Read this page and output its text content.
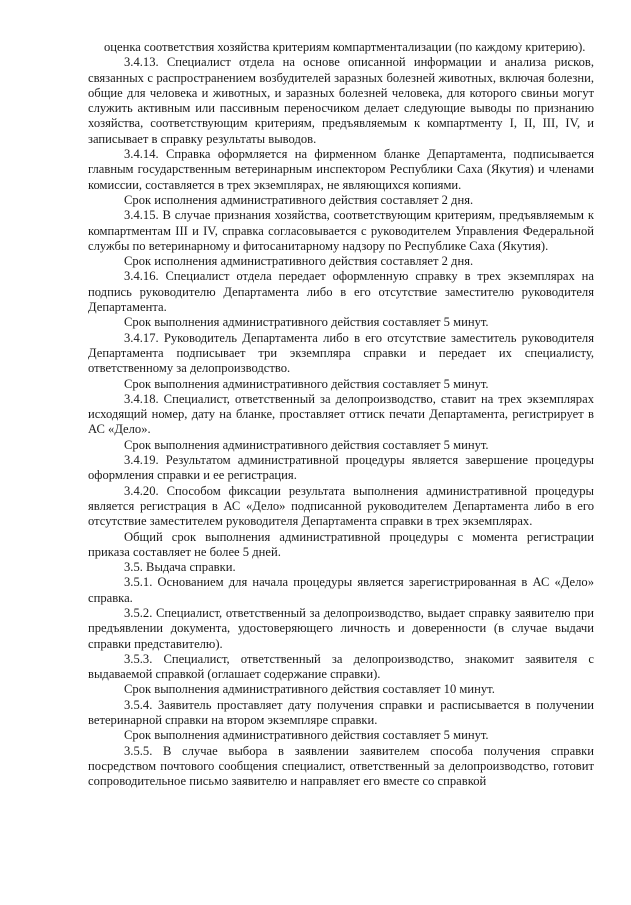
оценка соответствия хозяйства критериям компартментализации (по каждому критерию).

3.4.13. Специалист отдела на основе описанной информации и анализа рисков, связанных с распространением возбудителей заразных болезней животных, включая болезни, общие для человека и животных, и заразных болезней человека, для которого свиньи могут служить активным или пассивным переносчиком делает следующие выводы по признанию хозяйства, соответствующим критериям, предъявляемым к компартменту I, II, III, IV, и записывает в справку результаты выводов.

3.4.14. Справка оформляется на фирменном бланке Департамента, подписывается главным государственным ветеринарным инспектором Республики Саха (Якутия) и членами комиссии, составляется в трех экземплярах, не являющихся копиями.

Срок исполнения административного действия составляет 2 дня.

3.4.15. В случае признания хозяйства, соответствующим критериям, предъявляемым к компартментам III и IV, справка согласовывается с руководителем Управления Федеральной службы по ветеринарному и фитосанитарному надзору по Республике Саха (Якутия).

Срок исполнения административного действия составляет 2 дня.

3.4.16. Специалист отдела передает оформленную справку в трех экземплярах на подпись руководителю Департамента либо в его отсутствие заместителю руководителя Департамента.

Срок выполнения административного действия составляет 5 минут.

3.4.17. Руководитель Департамента либо в его отсутствие заместитель руководителя Департамента подписывает три экземпляра справки и передает их специалисту, ответственному за делопроизводство.

Срок выполнения административного действия составляет 5 минут.

3.4.18. Специалист, ответственный за делопроизводство, ставит на трех экземплярах исходящий номер, дату на бланке, проставляет оттиск печати Департамента, регистрирует в АС «Дело».

Срок выполнения административного действия составляет 5 минут.

3.4.19. Результатом административной процедуры является завершение процедуры оформления справки и ее регистрация.

3.4.20. Способом фиксации результата выполнения административной процедуры является регистрация в АС «Дело» подписанной руководителем Департамента либо в его отсутствие заместителем руководителя Департамента справки в трех экземплярах.

Общий срок выполнения административной процедуры с момента регистрации приказа составляет не более 5 дней.

3.5. Выдача справки.

3.5.1. Основанием для начала процедуры является зарегистрированная в АС «Дело» справка.

3.5.2. Специалист, ответственный за делопроизводство, выдает справку заявителю при предъявлении документа, удостоверяющего личность и доверенности (в случае выдачи справки представителю).

3.5.3. Специалист, ответственный за делопроизводство, знакомит заявителя с выдаваемой справкой (оглашает содержание справки).

Срок выполнения административного действия составляет 10 минут.

3.5.4. Заявитель проставляет дату получения справки и расписывается в получении ветеринарной справки на втором экземпляре справки.

Срок выполнения административного действия составляет 5 минут.

3.5.5. В случае выбора в заявлении заявителем способа получения справки посредством почтового сообщения специалист, ответственный за делопроизводство, готовит сопроводительное письмо заявителю и направляет его вместе со справкой
